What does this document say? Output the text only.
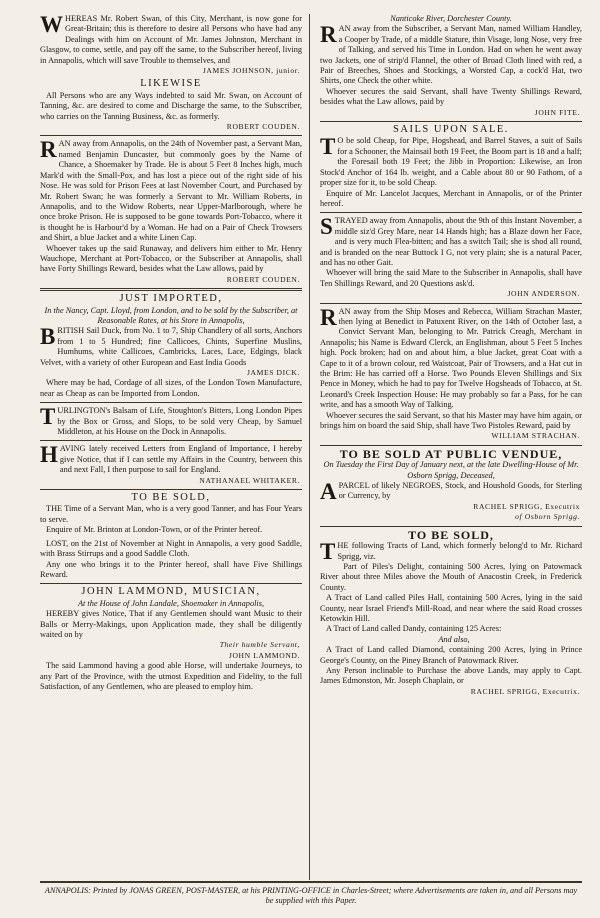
WHEREAS Mr. Robert Swan, of this City, Merchant, is now gone for Great-Britain; this is therefore to desire all Persons who have had any Dealings with him on Account of Mr. James Johnston, Merchant in Glasgow, to come, settle, and pay off the same, to the Subscriber hereof, living in Annapolis, which will save Trouble to themselves, and

JAMES JOHNSON, junior.
LIKEWISE

All Persons who are any Ways indebted to said Mr. Swan, on Account of Tanning, &c. are desired to come and Discharge the same, to the Subscriber, who carries on the Tanning Business, &c. as formerly.

ROBERT COUDEN.

RAN away from Annapolis, on the 24th of November past, a Servant Man, named Benjamin Duncaster, but commonly goes by the Name of Chance, a Shoemaker by Trade. He is about 5 Feet 8 Inches high, much Mark'd with the Small-Pox, and has lost a piece out of the right side of his Nose. He was sold for Prison Fees at last November Court, and Purchased by Mr. Robert Swan; he was formerly a Servant to Mr. William Roberts, in Annapolis, and to the Widow Roberts, near Upper-Marlborough, where he once broke Prison. He is supposed to be gone towards Port-Tobacco, where it is thought he is Harbour'd by a Woman. He had on a Pair of Check Trowsers and Shirt, a blue Jacket and a white Linen Cap.

Whoever takes up the said Runaway, and delivers him either to Mr. Henry Wauchope, Merchant at Port-Tobacco, or the Subscriber at Annapolis, shall have Forty Shillings Reward, besides what the Law allows, paid by

ROBERT COUDEN.
JUST IMPORTED,

In the Nancy, Capt. Lloyd, from London, and to be sold by the Subscriber, at Reasonable Rates, at his Store in Annapolis,

BRITISH Sail Duck, from No. 1 to 7, Ship Chandlery of all sorts, Anchors from 1 to 5 Hundred; fine Callicoes, Chints, Superfine Muslins, Humhums, white Callicoes, Cambricks, Laces, Lace, Edgings, black Velvet, with a variety of other European and East India Goods

JAMES DICK.

Where may be had, Cordage of all sizes, of the London Town Manufacture, near as Cheap as can be Imported from London.

TURLINGTON's Balsam of Life, Stoughton's Bitters, Long London Pipes by the Box or Gross, and Slops, to be sold very Cheap, by Samuel Middleton, at his House on the Dock in Annapolis.

HAVING lately received Letters from England of Importance, I hereby give Notice, that if I can settle my Affairs in the Country, between this and next Fall, I then purpose to sail for England.

NATHANAEL WHITAKER.
TO BE SOLD,

THE Time of a Servant Man, who is a very good Tanner, and has Four Years to serve.

Enquire of Mr. Brinton at London-Town, or of the Printer hereof.

LOST, on the 21st of November at Night in Annapolis, a very good Saddle, with Brass Stirrups and a good Saddle Cloth.

Any one who brings it to the Printer hereof, shall have Five Shillings Reward.

JOHN LAMMOND, MUSICIAN,

At the House of John Landale, Shoemaker in Annapolis,

HEREBY gives Notice, That if any Gentlemen should want Music to their Balls or Merry-Makings, upon Application made, they shall be diligently waited on by

Their humble Servant,
JOHN LAMMOND.

The said Lammond having a good able Horse, will undertake Journeys, to any Part of the Province, with the utmost Expedition and Fidelity, to the full Satisfaction, of any Gentlemen, who are pleased to employ him.

Nanticoke River, Dorchester County.

RAN away from the Subscriber, a Servant Man, named William Handley, a Cooper by Trade, of a middle Stature, thin Visage, long Nose, very free of Talking, and served his Time in London. Had on when he went away two Jackets, one of strip'd Flannel, the other of Broad Cloth lined with red, a Pair of Breeches, Shoes and Stockings, a Worsted Cap, a cock'd Hat, two Shirts, one Check the other white.

Whoever secures the said Servant, shall have Twenty Shillings Reward, besides what the Law allows, paid by

JOHN FITE.
SAILS UPON SALE.

T O be sold Cheap, for Pipe, Hogshead, and Barrel Staves, a suit of Sails for a Schooner, the Mainsail both 19 Feet, the Boom part is 18 and a half; the Foresail both 19 Feet; the Jibb in Proportion: Likewise, an Iron Stock'd Anchor of 164 lb. weight, and a Cable about 80 or 90 Fathom, of a proper size for it, to be sold Cheap.

Enquire of Mr. Lancelot Jacques, Merchant in Annapolis, or of the Printer hereof.

STRAYED away from Annapolis, about the 9th of this Instant November, a middle siz'd Grey Mare, near 14 Hands high; has a Blaze down her Face, and is very much Flea-bitten; and has a switch Tail; she is shod all round, and is branded on the near Buttock I G, not very plain; she is a natural Pacer, and has no other Gait.

Whoever will bring the said Mare to the Subscriber in Annapolis, shall have Ten Shillings Reward, and 20 Questions ask'd.

JOHN ANDERSON.

RAN away from the Ship Moses and Rebecca, William Strachan Master, then lying at Benedict in Patuxent River, on the 14th of October last, a Convict Servant Man, belonging to Mr. Patrick Creagh, Merchant in Annapolis; his Name is Edward Clerck, an Englishman, about 5 Feet 5 Inches high. Pock broken; had on and about him, a blue Jacket, great Coat with a Cape to it of a brown colour, red Waistcoat, Pair of Trowsers, and a Hat cut in the Brim: He has carried off a Horse. Two Pounds Eleven Shillings and Six Pence in Money, which he had to pay for Twelve Hogsheads of Tobacco, at St. Leonard's Creek Inspection House: He may probably so far a Pass, for he can write, and has a smooth Way of Talking.

Whoever secures the said Servant, so that his Master may have him again, or brings him on board the said Ship, shall have Two Pistoles Reward, paid by

WILLIAM STRACHAN.
TO BE SOLD AT PUBLIC VENDUE,

On Tuesday the First Day of January next, at the late Dwelling-House of Mr. Osborn Sprigg, Deceased,

APARCEL of likely NEGROES, Stock, and Houshold Goods, for Sterling or Currency, by

RACHEL SPRIGG, Executrix
of Osborn Sprigg.
TO BE SOLD,

THE following Tracts of Land, which formerly belong'd to Mr. Richard Sprigg, viz.

Part of Piles's Delight, containing 500 Acres, lying on Patowmack River about three Miles above the Mouth of Anacostin Creek, in Frederick County.

A Tract of Land called Piles Hall, containing 500 Acres, lying in the said County, near Israel Friend's Mill-Road, and near where the said Road crosses Ketowkin Hill.

A Tract of Land called Dandy, containing 125 Acres:

And also,

A Tract of Land called Diamond, containing 200 Acres, lying in Prince George's County, on the Piney Branch of Patowmack River.

Any Person inclinable to Purchase the above Lands, may apply to Capt. James Edmonston, Mr. Joseph Chaplain, or

RACHEL SPRIGG, Executrix.
ANNAPOLIS: Printed by JONAS GREEN, POST-MASTER, at his PRINTING-OFFICE in Charles-Street; where Advertisements are taken in, and all Persons may be supplied with this Paper.
